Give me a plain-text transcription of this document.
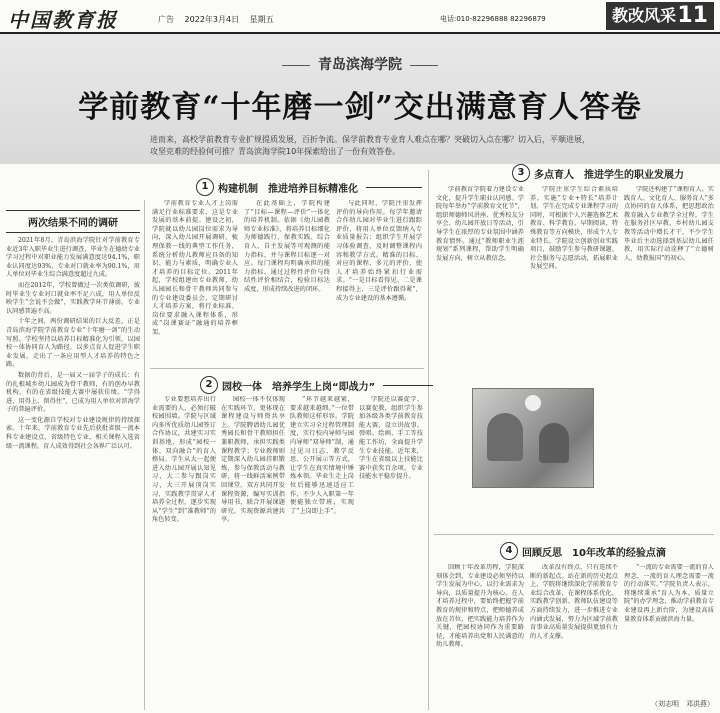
中国教育报	广告 2022年3月4日 星期五	电话:010-82296888 82296879	教改风采 11
青岛滨海学院
学前教育“十年磨一剑”交出满意育人答卷
进而来，高校学前教育专业扩规提质发展，百折争流。保学前教育专业育人难点在哪？突破切入点在哪？切入后，平顺进展，攻坚克难的经验何可推？青岛滨海学院10年探索给出了一份有效答卷。
两次结果不同的调研

2021年8月，青岛滨海学院针对学前教育专业近3年入职毕业生进行调查，毕业生在德幼专业学习过程中对职业能力发展满意度达94.1%，职业认同度达93%，专业对口就业率为90.1%，用人单位对毕业生综合满意度超过九成。

而在2012年，学校曾做过一次类似调研，彼时毕业生专业对口就业率不足六成，用人单位反映学生“会说不会做”，实践教学环节薄弱，专业认同感普遍不高。

十年之间，两份调研结果的巨大反差，正是青岛滨海学院学前教育专业“十年磨一剑”的生动写照。学校坚持以培养目标精准化为引领，以园校一体协同育人为路径，以多点育人促进学生职业发展，走出了一条应用型人才培养的特色之路。

数据的背后，是一届又一届学子的成长：有的扎根城乡幼儿园成为骨干教师，有的创办早教机构，有的在省级技能大赛中屡获佳绩。“学得进、用得上、留得住”，已成为用人单位对滨海学子的普遍评价。

这一变化源自学校对专业建设规律的持续探索。十年来，学前教育专业先后获批省级一流本科专业建设点、省级特色专业，相关课程入选省级一流课程，育人成效得到社会各界广泛认可。

1 构建机制　推进培养目标精准化

学前教育专业人才上岗需满足行业标准要求，这是专业发展的基本前提。建设之初，学院就以幼儿园岗位需求为导向，深入幼儿园开展调研，梳理保教一线的典型工作任务，系统分析幼儿教师应具备的知识、能力与素质，明确专业人才培养的目标定位。2011年起，学校组建由专业教师、幼儿园园长和骨干教师共同参与的专业建设委员会，定期研讨人才培养方案，将行业标准、岗位要求融入课程体系，形成“岗课赛证”融通的培养框架。

在此基础上，学院构建了“目标—课程—评价”一体化的培养机制。依据《幼儿园教师专业标准》，将培养目标细化为师德践行、保教实践、综合育人、自主发展等可观测的能力指标，并与课程目标逐一对应。每门课程均明确承担的能力指标，通过过程性评价与终结性评价相结合，检验目标达成度，形成持续改进的闭环。

与此同时，学院注重发挥评价的导向作用。每学年邀请合作幼儿园对毕业生进行跟踪评价，将用人单位反馈纳入专业质量报告；组织学生开展学习体验调查，及时调整课程内容和教学方式。精准的目标、对应的课程、多元的评价，使人才培养始终紧扣行业需求。“一是目标看得见、二是课程接得上、三是评价跟得紧”，成为专业建设的基本遵循。

2 园校一体　培养学生上岗“即战力”

专业要想培养出行业需要的人，必须打破校园围墙。学院与区域内多所优质幼儿园签订合作协议，共建实习实训基地，形成“园校一体、双向融合”的育人格局。学生从大一起便进入幼儿园开展认知见习，大二参与跟岗实习，大三开展顶岗实习，实践教学贯穿人才培养全过程，逐步实现从“学生”到“准教师”的角色转变。

园校一体不仅体现在实践环节，更体现在课程建设与师资共享上。学院聘请幼儿园优秀园长和骨干教师担任兼职教师，承担实践类课程教学；专业教师则定期深入幼儿园挂职锻炼，参与保教活动与教研，将一线鲜活案例带回课堂。双方共同开发课程资源，编写实训指导用书，联合开展课题研究，实现资源共建共享。

“环节越来越紧，要求越来越细。”一位带队教师这样形容。学院建立实习全过程管理制度，实行校内导师与园内导师“双导师”制，通过见习日志、教学反思、公开展示等方式，让学生在真实情境中锤炼本领。毕业生走上岗位后能够迅速适应工作，不少人入职第一年便能独立带班，实现了“上岗即上手”。

学院还以赛促学、以赛促教，组织学生参加各级各类学前教育技能大赛，设立讲故事、弹唱、绘画、手工等技能工作坊，全面提升学生专业技能。近年来，学生在省级以上技能比赛中获奖百余项，专业技能水平稳步提升。

3 多点育人　推进学生的职业发展力

学前教育学院着力建设专业文化，提升学生职业认同感。学院每年举办“学前教育文化节”，组织师德师风讲座、优秀校友分享会、幼儿园开放日等活动，引导学生在浓厚的专业氛围中涵养教育情怀。通过“教师职业生涯规划”系列课程，帮助学生明确发展方向，树立从教信念。

学院注重学生综合素质培养，实施“专业+特长”培养计划。学生在完成专业课程学习的同时，可根据个人兴趣选修艺术教育、科学教育、早期阅读、特殊教育等方向模块，形成个人专业特长。学院设立创新创业实践项目，鼓励学生参与教研课题、社会服务与志愿活动，拓展职业发展空间。

学院还构建了“课程育人、实践育人、文化育人、服务育人”多点协同的育人体系，把思想政治教育融入专业教学全过程。学生在服务社区早教、乡村幼儿园支教等活动中增长才干，不少学生毕业后主动选择到基层幼儿园任教，用实际行动诠释了“立德树人、幼教报国”的初心。

4 回顾反思　10年改革的经验点滴

回顾十年改革历程，学院深刻体会到，专业建设必须坚持以学生发展为中心，以行业需求为导向，以质量提升为核心。在人才培养过程中，要始终把握学前教育的规律和特点，把师德养成放在首位，把实践能力培养作为关键，把园校协同作为重要路径，才能培养出党和人民满意的幼儿教师。

改革没有终点，只有连续不断的新起点。站在新的历史起点上，学院将继续深化学前教育专业综合改革，在课程体系优化、实践教学创新、教师队伍建设等方面持续发力，进一步推进专业内涵式发展，努力为区域学前教育事业高质量发展提供更加有力的人才支撑。

“一流的专业需要一流的育人理念，一流的育人理念需要一流的行动落实。”学院负责人表示，将继续秉承“育人为本、质量立院”的办学理念，推动学前教育专业建设再上新台阶，为建设高质量教育体系贡献滨海力量。

（刘志明　邓洪燕）
